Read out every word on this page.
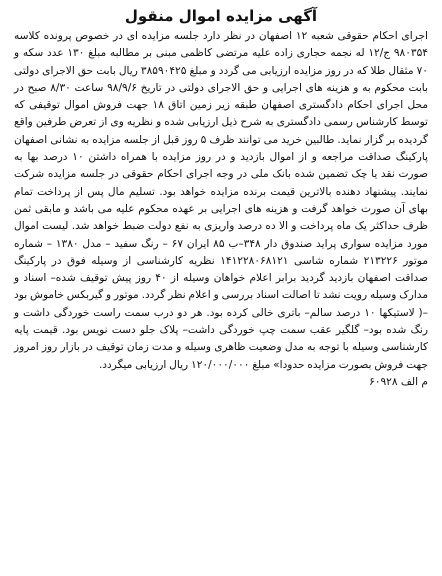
آگهی مزایده اموال منقول

اجرای احکام حقوقی شعبه ۱۲ اصفهان در نظر دارد جلسه مزایده ای در خصوص پرونده کلاسه ۹۸۰۳۵۴ ج/۱۲ له نجمه حجاری زاده علیه مرتضی کاظمی مبنی بر مطالبه مبلغ ۱۳۰ عدد سکه و ۷۰ مثقال طلا که در روز مزایده ارزیابی می گردد و مبلغ ۳۸۵۹۰۴۲۵ ریال بابت حق الاجرای دولتی بابت محکوم به و هزینه های اجرایی و حق الاجرای دولتی در تاریخ ۹۸/۹/۶ ساعت ۸/۳۰ صبح در محل اجرای احکام دادگستری اصفهان طبقه زیر زمین اتاق ۱۸ جهت فروش اموال توقیفی که توسط کارشناس رسمی دادگستری به شرح ذیل ارزیابی شده و نظریه وی از تعرض طرفین واقع گردیده بر گزار نماید. طالبین خرید می توانند ظرف ۵ روز قبل از جلسه مزایده به نشانی اصفهان پارکینگ صداقت مراجعه و از اموال بازدید و در روز مزایده با همراه داشتن ۱۰ درصد بها به صورت نقد یا چک تضمین شده بانک ملی در وجه اجرای احکام حقوقی در جلسه مزایده شرکت نمایند. پیشنهاد دهنده بالاترین قیمت برنده مزایده خواهد بود. تسلیم مال پس از پرداخت تمام بهای آن صورت خواهد گرفت و هزینه های اجرایی بر عهده محکوم علیه می باشد و مابقی ثمن ظرف حداکثر یک ماه پرداخت و الا ده درصد واریزی به نفع دولت ضبط خواهد شد. لیست اموال مورد مزایده سواری پراید صندوق دار ۳۴۸–ب ۸۵ ایران ۶۷ – رنگ سفید – مدل ۱۳۸۰ – شماره موتور ۲۱۳۲۲۶ شماره شاسی ۱۴۱۲۲۸۰۶۸۱۲۱ نظریه کارشناسی از وسیله فوق در پارکینگ صداقت اصفهان بازدید گردید برابر اعلام خواهان وسیله از ۴۰ روز پیش توقیف شده– اسناد و مدارک وسیله رویت نشد تا اصالت اسناد بررسی و اعلام نظر گردد. موتور و گیربکس خاموش بود –( لاستیکها ۱۰ درصد سالم– باتری خالی کرده بود. هر دو درب سمت راست خوردگی داشت و رنگ شده بود– گلگیر عقب سمت چپ خوردگی داشت– پلاک جلو دست نویس بود. قیمت پایه کارشناسی وسیله با توجه به مدل وضعیت ظاهری وسیله و مدت زمان توقیف در بازار روز امروز جهت فروش بصورت مزایده حدودا» مبلغ ۱۲۰/۰۰۰/۰۰۰ ریال ارزیابی میگردد.

م الف ۶۰۹۲۸
